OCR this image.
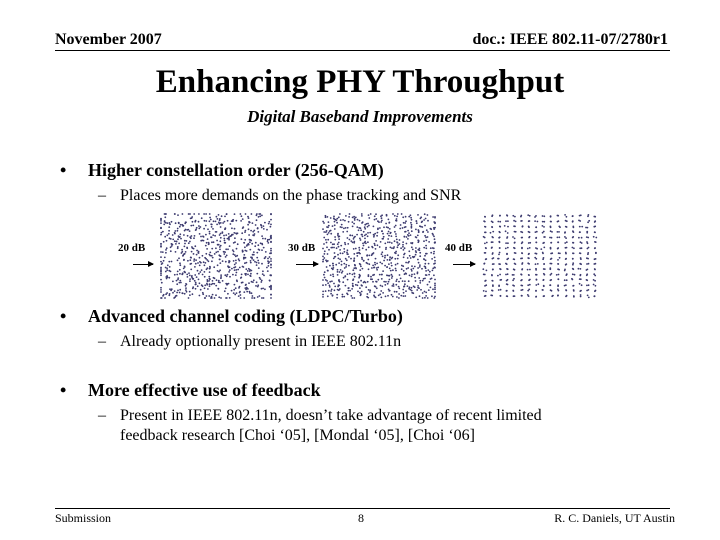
November 2007	doc.: IEEE 802.11-07/2780r1
Enhancing PHY Throughput
Digital Baseband Improvements
• Higher constellation order (256-QAM)
– Places more demands on the phase tracking and SNR
20 dB	30 dB	40 dB
• Advanced channel coding (LDPC/Turbo)
– Already optionally present in IEEE 802.11n
• More effective use of feedback
– Present in IEEE 802.11n, doesn’t take advantage of recent limited
feedback research [Choi ‘05], [Mondal ‘05], [Choi ‘06]
Submission	8	R. C. Daniels, UT Austin
